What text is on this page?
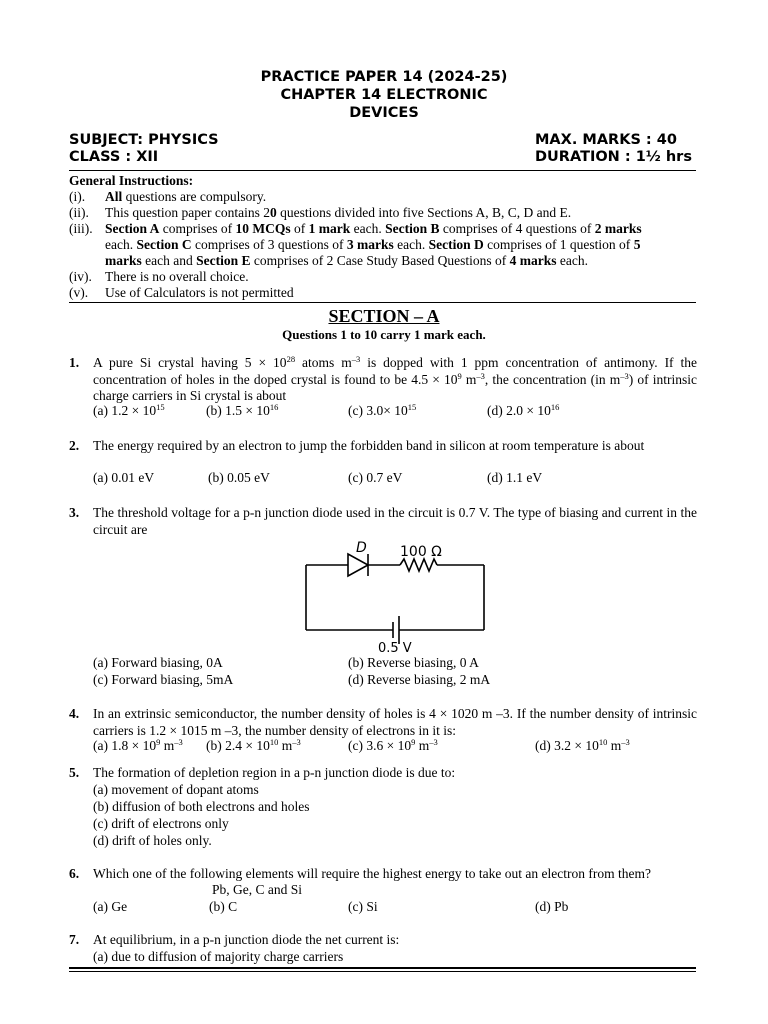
PRACTICE PAPER 14 (2024-25)
CHAPTER 14 ELECTRONIC
DEVICES
SUBJECT: PHYSICS
CLASS : XII
MAX. MARKS : 40
DURATION : 1½ hrs
General Instructions:
(i).	All questions are compulsory.
(ii).	This question paper contains 20 questions divided into five Sections A, B, C, D and E.
(iii). Section A comprises of 10 MCQs of 1 mark each. Section B comprises of 4 questions of 2 marks
each. Section C comprises of 3 questions of 3 marks each. Section D comprises of 1 question of 5
marks each and Section E comprises of 2 Case Study Based Questions of 4 marks each.
(iv). There is no overall choice.
(v).	Use of Calculators is not permitted
SECTION – A
Questions 1 to 10 carry 1 mark each.
1. A pure Si crystal having $5 \times 10^{28}$ atoms $m^{-3}$ is dopped with 1 ppm concentration of antimony. If the concentration of holes in the doped crystal is found to be $4.5 \times 10^9$ $m^{-3}$, the concentration (in $m^{-3}$) of intrinsic charge carriers in Si crystal is about
(a) $1.2 \times 10^{15}$	(b) $1.5 \times 10^{16}$	(c) $3.0\times 10^{15}$	(d) $2.0 \times 10^{16}$
2. The energy required by an electron to jump the forbidden band in silicon at room temperature is about
(a) 0.01 eV	(b) 0.05 eV	(c) 0.7 eV	(d) 1.1 eV
3. The threshold voltage for a p-n junction diode used in the circuit is 0.7 V. The type of biasing and current in the circuit are
(a) Forward biasing, 0A	(b) Reverse biasing, 0 A
(c) Forward biasing, 5mA	(d) Reverse biasing, 2 mA
D 100 Ω
0.5 V
4. In an extrinsic semiconductor, the number density of holes is 4 × 1020 m –3. If the number density of intrinsic carriers is 1.2 × 1015 m –3, the number density of electrons in it is:
(a) $1.8 \times 10^9$ $m^{-3}$ (b) $2.4 \times 10^{10}$ $m^{-3}$	(c) $3.6 \times 10^9$ $m^{-3}$	(d) $3.2 \times 10^{10}$ $m^{-3}$
5. The formation of depletion region in a p-n junction diode is due to:
(a) movement of dopant atoms
(b) diffusion of both electrons and holes
(c) drift of electrons only
(d) drift of holes only.
6. Which one of the following elements will require the highest energy to take out an electron from them?
Pb, Ge, C and Si
(a) Ge	(b) C	(c) Si	(d) Pb
7. At equilibrium, in a p-n junction diode the net current is:
(a) due to diffusion of majority charge carriers
